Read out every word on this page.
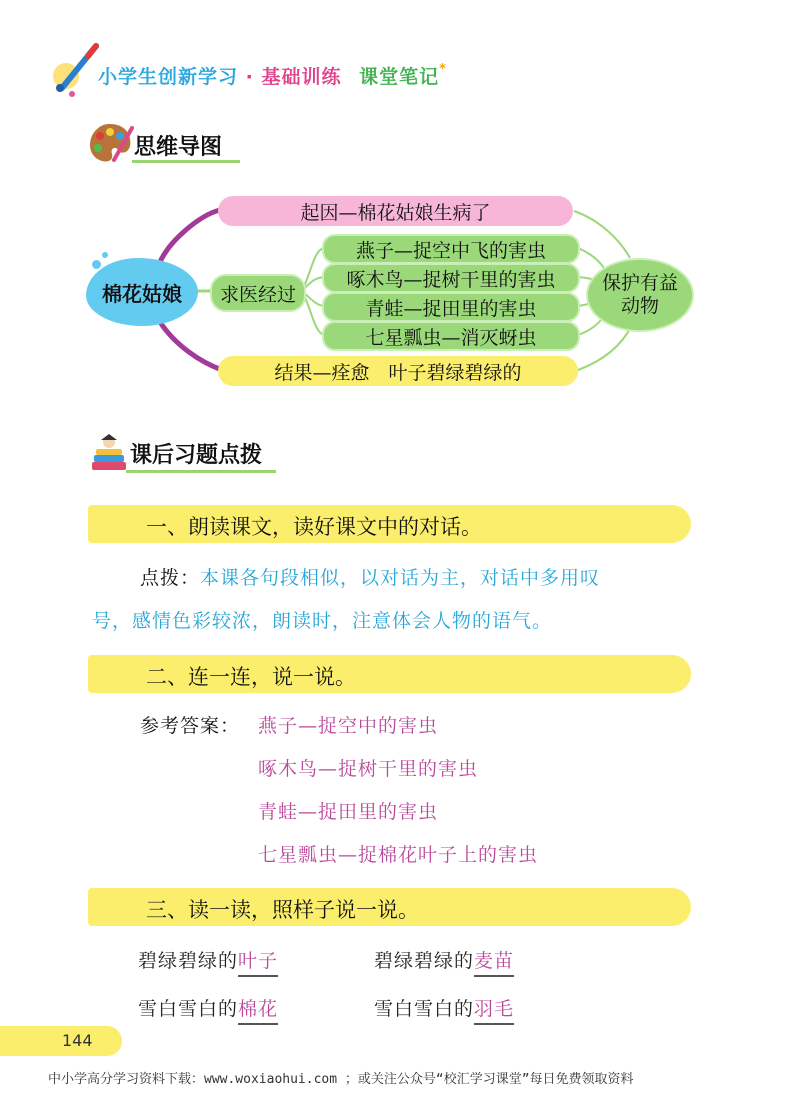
小学生创新学习 · 基础训练 课堂笔记*
思维导图
棉花姑娘
起因—棉花姑娘生病了
求医经过
燕子—捉空中飞的害虫
啄木鸟—捉树干里的害虫
青蛙—捉田里的害虫
七星瓢虫—消灭蚜虫
结果—痊愈　叶子碧绿碧绿的
保护有益
动物
课后习题点拨
一、朗读课文，读好课文中的对话。
点拨：本课各句段相似，以对话为主，对话中多用叹
号，感情色彩较浓，朗读时，注意体会人物的语气。
二、连一连，说一说。
参考答案： 燕子—捉空中的害虫
啄木鸟—捉树干里的害虫
青蛙—捉田里的害虫
七星瓢虫—捉棉花叶子上的害虫
三、读一读，照样子说一说。
碧绿碧绿的叶子	碧绿碧绿的麦苗
雪白雪白的棉花	雪白雪白的羽毛
144
中小学高分学习资料下载：www.woxiaohui.com ；或关注公众号“校汇学习课堂”每日免费领取资料
